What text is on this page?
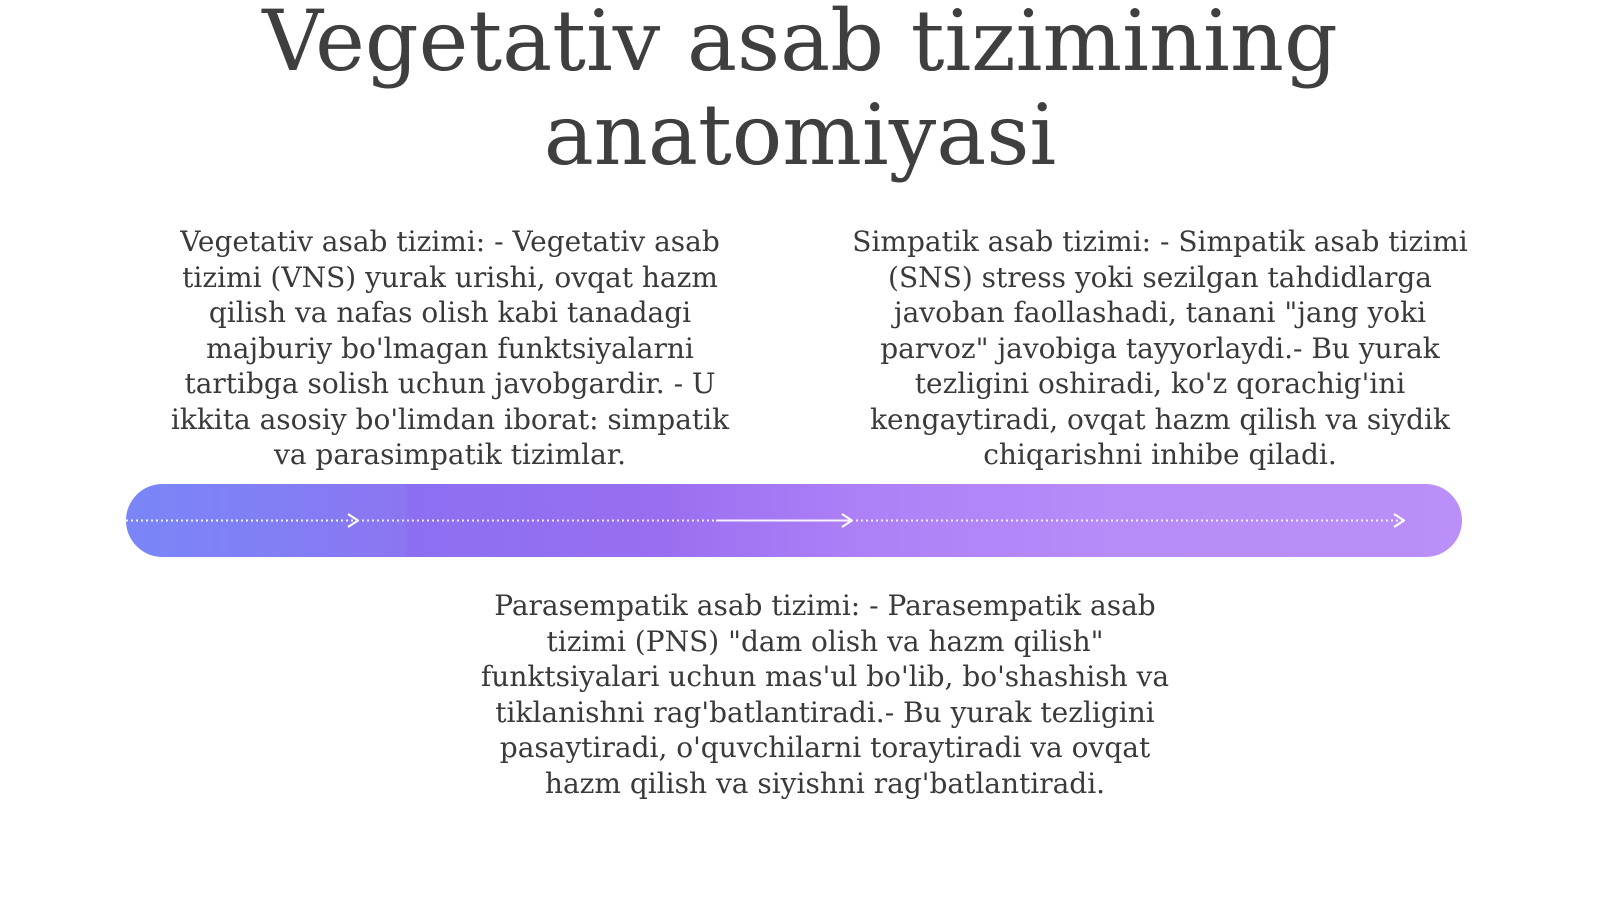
Vegetativ asab tizimining anatomiyasi

Vegetativ asab tizimi: - Vegetativ asab tizimi (VNS) yurak urishi, ovqat hazm qilish va nafas olish kabi tanadagi majburiy bo'lmagan funktsiyalarni tartibga solish uchun javobgardir. - U ikkita asosiy bo'limdan iborat: simpatik va parasimpatik tizimlar.

Simpatik asab tizimi: - Simpatik asab tizimi (SNS) stress yoki sezilgan tahdidlarga javoban faollashadi, tanani "jang yoki parvoz" javobiga tayyorlaydi.- Bu yurak tezligini oshiradi, ko'z qorachig'ini kengaytiradi, ovqat hazm qilish va siydik chiqarishni inhibe qiladi.

Parasempatik asab tizimi: - Parasempatik asab tizimi (PNS) "dam olish va hazm qilish" funktsiyalari uchun mas'ul bo'lib, bo'shashish va tiklanishni rag'batlantiradi.- Bu yurak tezligini pasaytiradi, o'quvchilarni toraytiradi va ovqat hazm qilish va siyishni rag'batlantiradi.
